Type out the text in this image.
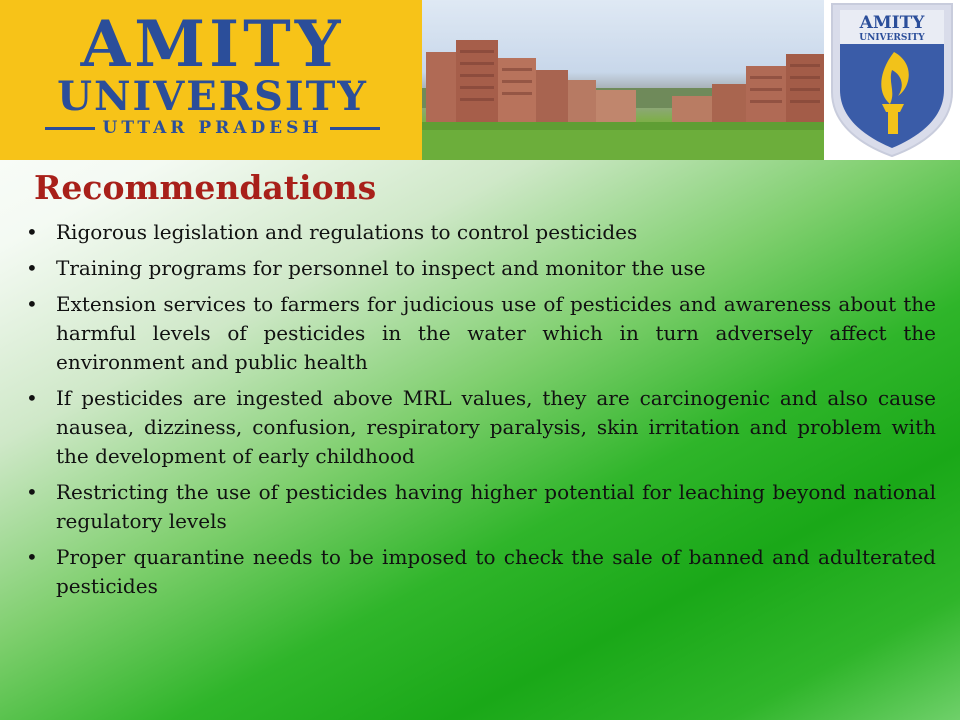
AMITY
UNIVERSITY
UTTAR PRADESH
AMITY
UNIVERSITY
Recommendations
• Rigorous legislation and regulations to control pesticides
• Training programs for personnel to inspect and monitor the use
• Extension services to farmers for judicious use of pesticides and awareness about the harmful levels of pesticides in the water which in turn adversely affect the environment and public health
• If pesticides are ingested above MRL values, they are carcinogenic and also cause nausea, dizziness, confusion, respiratory paralysis, skin irritation and problem with the development of early childhood
• Restricting the use of pesticides having higher potential for leaching beyond national regulatory levels
• Proper quarantine needs to be imposed to check the sale of banned and adulterated pesticides
